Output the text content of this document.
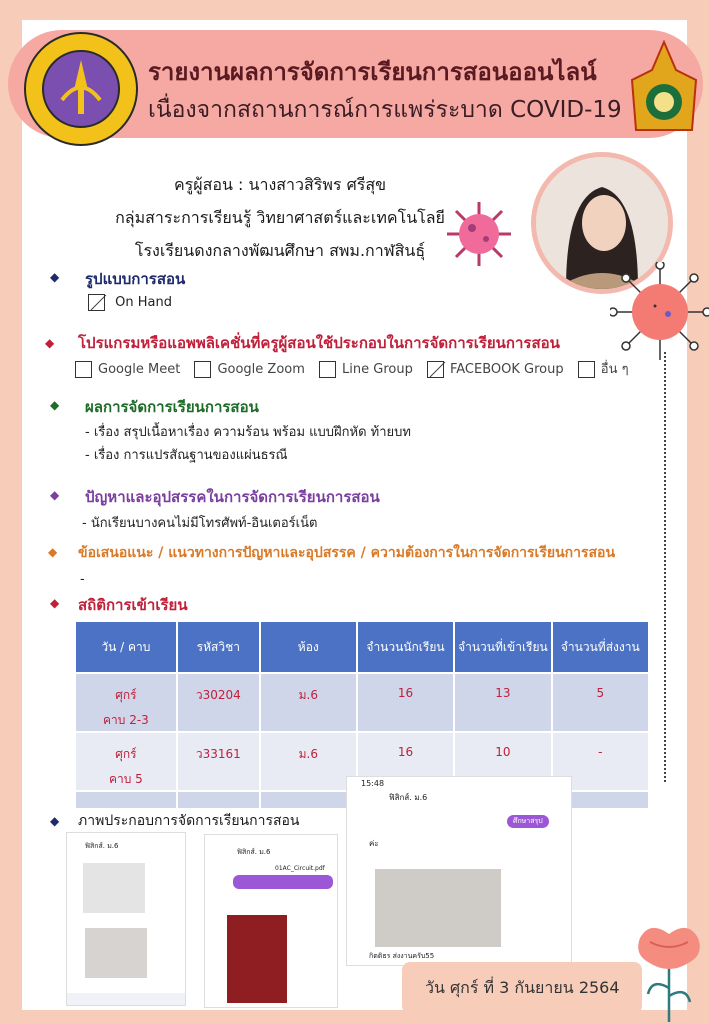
รายงานผลการจัดการเรียนการสอนออนไลน์
เนื่องจากสถานการณ์การแพร่ระบาด COVID-19
ครูผู้สอน : นางสาวสิริพร ศรีสุข
กลุ่มสาระการเรียนรู้ วิทยาศาสตร์และเทคโนโลยี
โรงเรียนดงกลางพัฒนศึกษา สพม.กาฬสินธุ์
◆ รูปแบบการสอน
On Hand
◆ โปรแกรมหรือแอพพลิเคชั่นที่ครูผู้สอนใช้ประกอบในการจัดการเรียนการสอน
Google Meet	Google Zoom	Line Group	FACEBOOK Group	อื่น ๆ
◆ ผลการจัดการเรียนการสอน
- เรื่อง สรุปเนื้อหาเรื่อง ความร้อน พร้อม แบบฝึกหัด ท้ายบท
- เรื่อง การแปรสัณฐานของแผ่นธรณี
◆ ปัญหาและอุปสรรคในการจัดการเรียนการสอน
- นักเรียนบางคนไม่มีโทรศัพท์-อินเตอร์เน็ต
◆ ข้อเสนอแนะ / แนวทางการปัญหาและอุปสรรค / ความต้องการในการจัดการเรียนการสอน
-
◆ สถิติการเข้าเรียน
วัน / คาบ	รหัสวิชา	ห้อง	จำนวนนักเรียน	จำนวนที่เข้าเรียน	จำนวนที่ส่งงาน

ศุกร์
คาบ 2-3	ว30204	ม.6	16	13	5

ศุกร์
คาบ 5	ว33161	ม.6	16	10	-

◆ ภาพประกอบการจัดการเรียนการสอน
ฟิสิกส์. ม.6
ฟิสิกส์. ม.6
01AC_Circuit.pdf
15:48
ฟิสิกส์. ม.6
ศึกษาสรุป
ค่ะ
กิตติธร ส่งงานครับ55
วัน ศุกร์ ที่ 3 กันยายน 2564
